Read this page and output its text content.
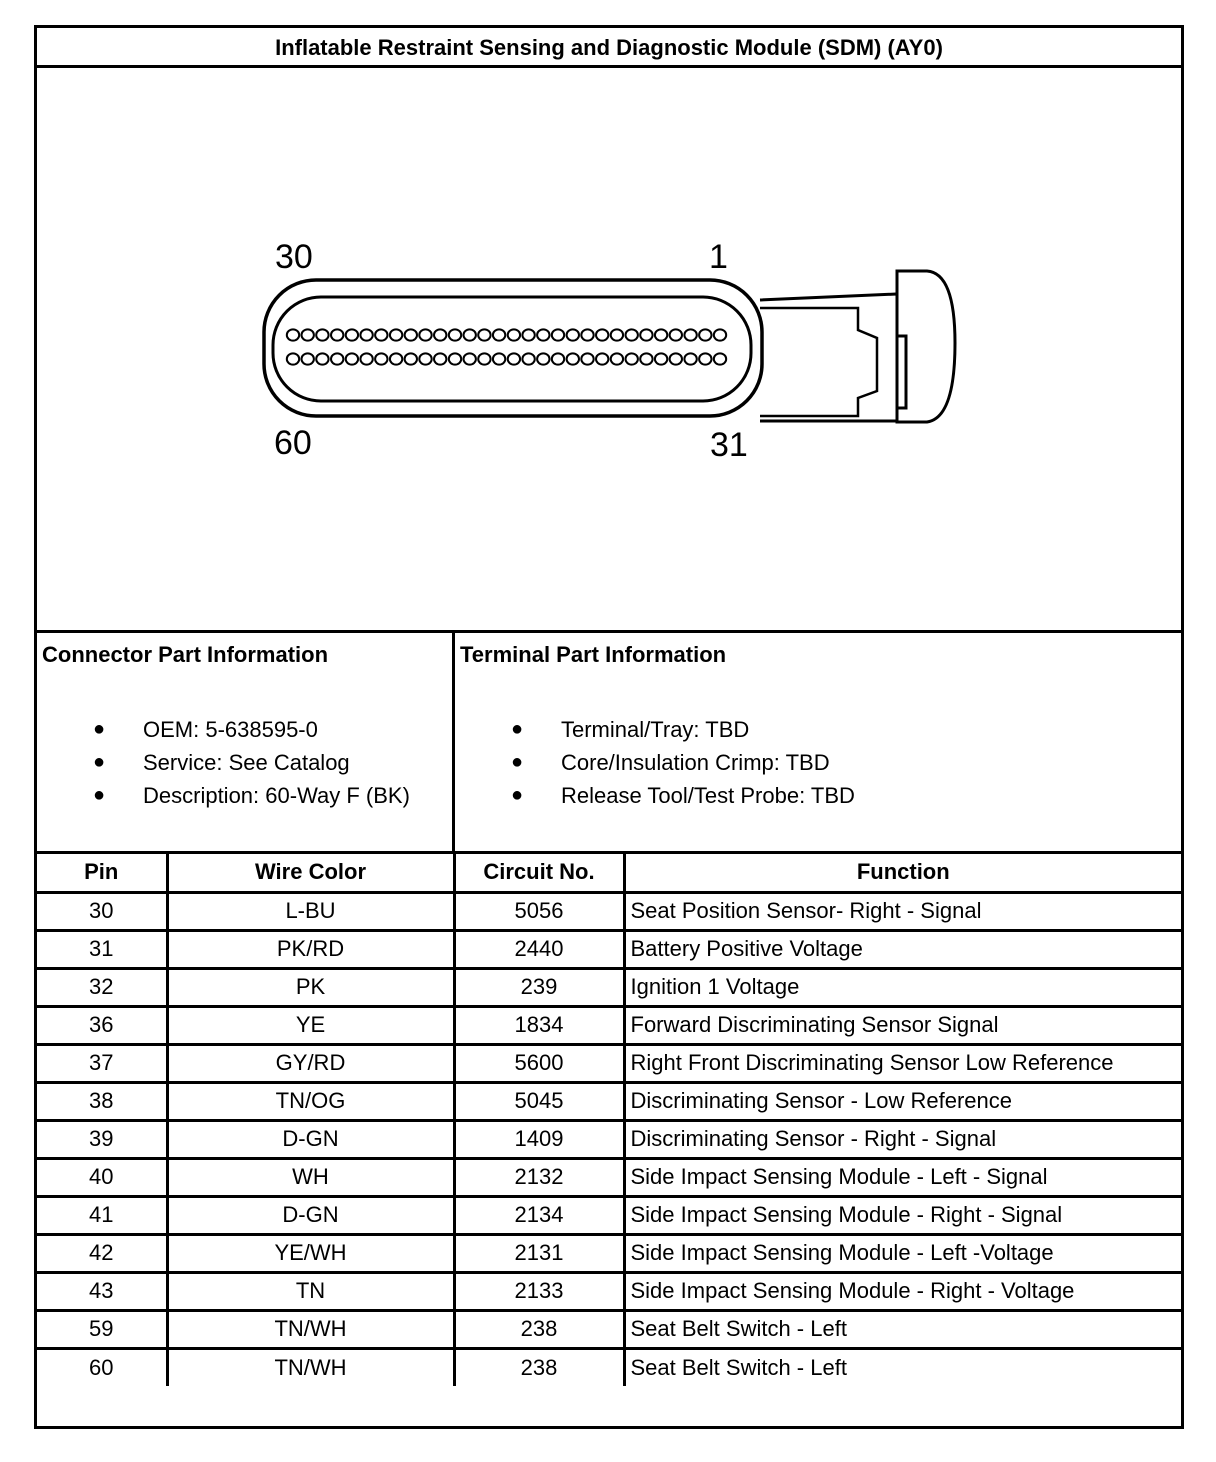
Inflatable Restraint Sensing and Diagnostic Module (SDM) (AY0)
30	1
60	31
Connector Part Information
● OEM: 5-638595-0
● Service: See Catalog
● Description: 60-Way F (BK)
Terminal Part Information
● Terminal/Tray: TBD
● Core/Insulation Crimp: TBD
● Release Tool/Test Probe: TBD
Pin	Wire Color	Circuit No.	Function
30	L-BU	5056	Seat Position Sensor- Right - Signal
31	PK/RD	2440	Battery Positive Voltage
32	PK	239	Ignition 1 Voltage
36	YE	1834	Forward Discriminating Sensor Signal
37	GY/RD	5600	Right Front Discriminating Sensor Low Reference
38	TN/OG	5045	Discriminating Sensor - Low Reference
39	D-GN	1409	Discriminating Sensor - Right - Signal
40	WH	2132	Side Impact Sensing Module - Left - Signal
41	D-GN	2134	Side Impact Sensing Module - Right - Signal
42	YE/WH	2131	Side Impact Sensing Module - Left -Voltage
43	TN	2133	Side Impact Sensing Module - Right - Voltage
59	TN/WH	238	Seat Belt Switch - Left
60	TN/WH	238	Seat Belt Switch - Left
